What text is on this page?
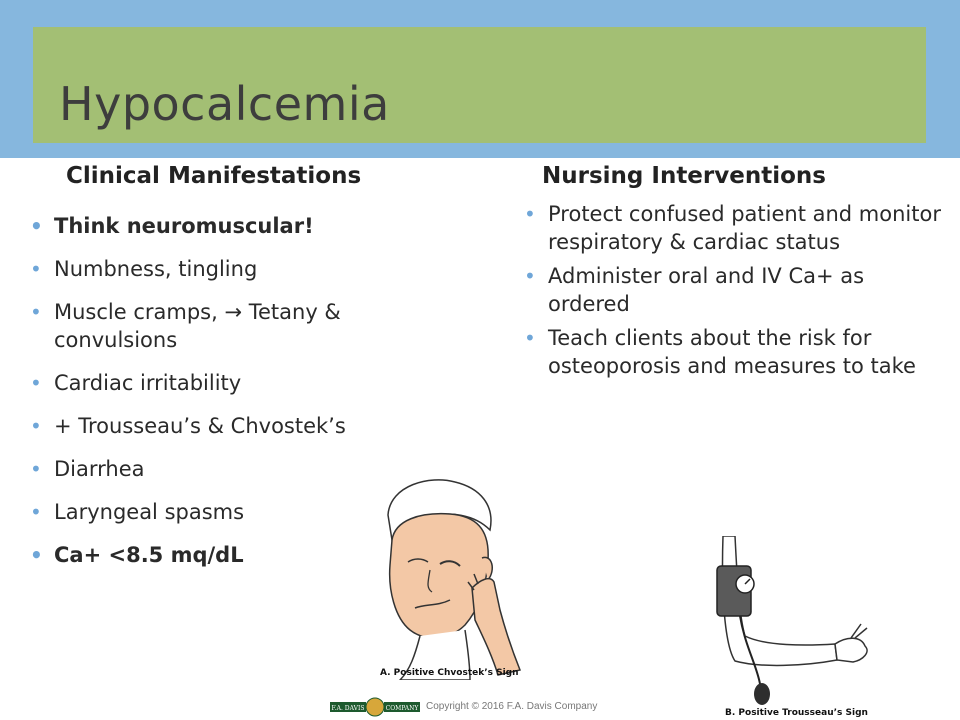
Hypocalcemia
Clinical Manifestations	Nursing Interventions
• Think neuromuscular!
• Numbness, tingling
• Muscle cramps, → Tetany & convulsions
• Cardiac irritability
• + Trousseau’s & Chvostek’s
• Diarrhea
• Laryngeal spasms
• Ca+ <8.5 mq/dL
• Protect confused patient and monitor respiratory & cardiac status
• Administer oral and IV Ca+ as ordered
• Teach clients about the risk for osteoporosis and measures to take
A. Positive Chvostek’s Sign
B. Positive Trousseau’s Sign
F.A. DAVIS	COMPANY Copyright © 2016 F.A. Davis Company
